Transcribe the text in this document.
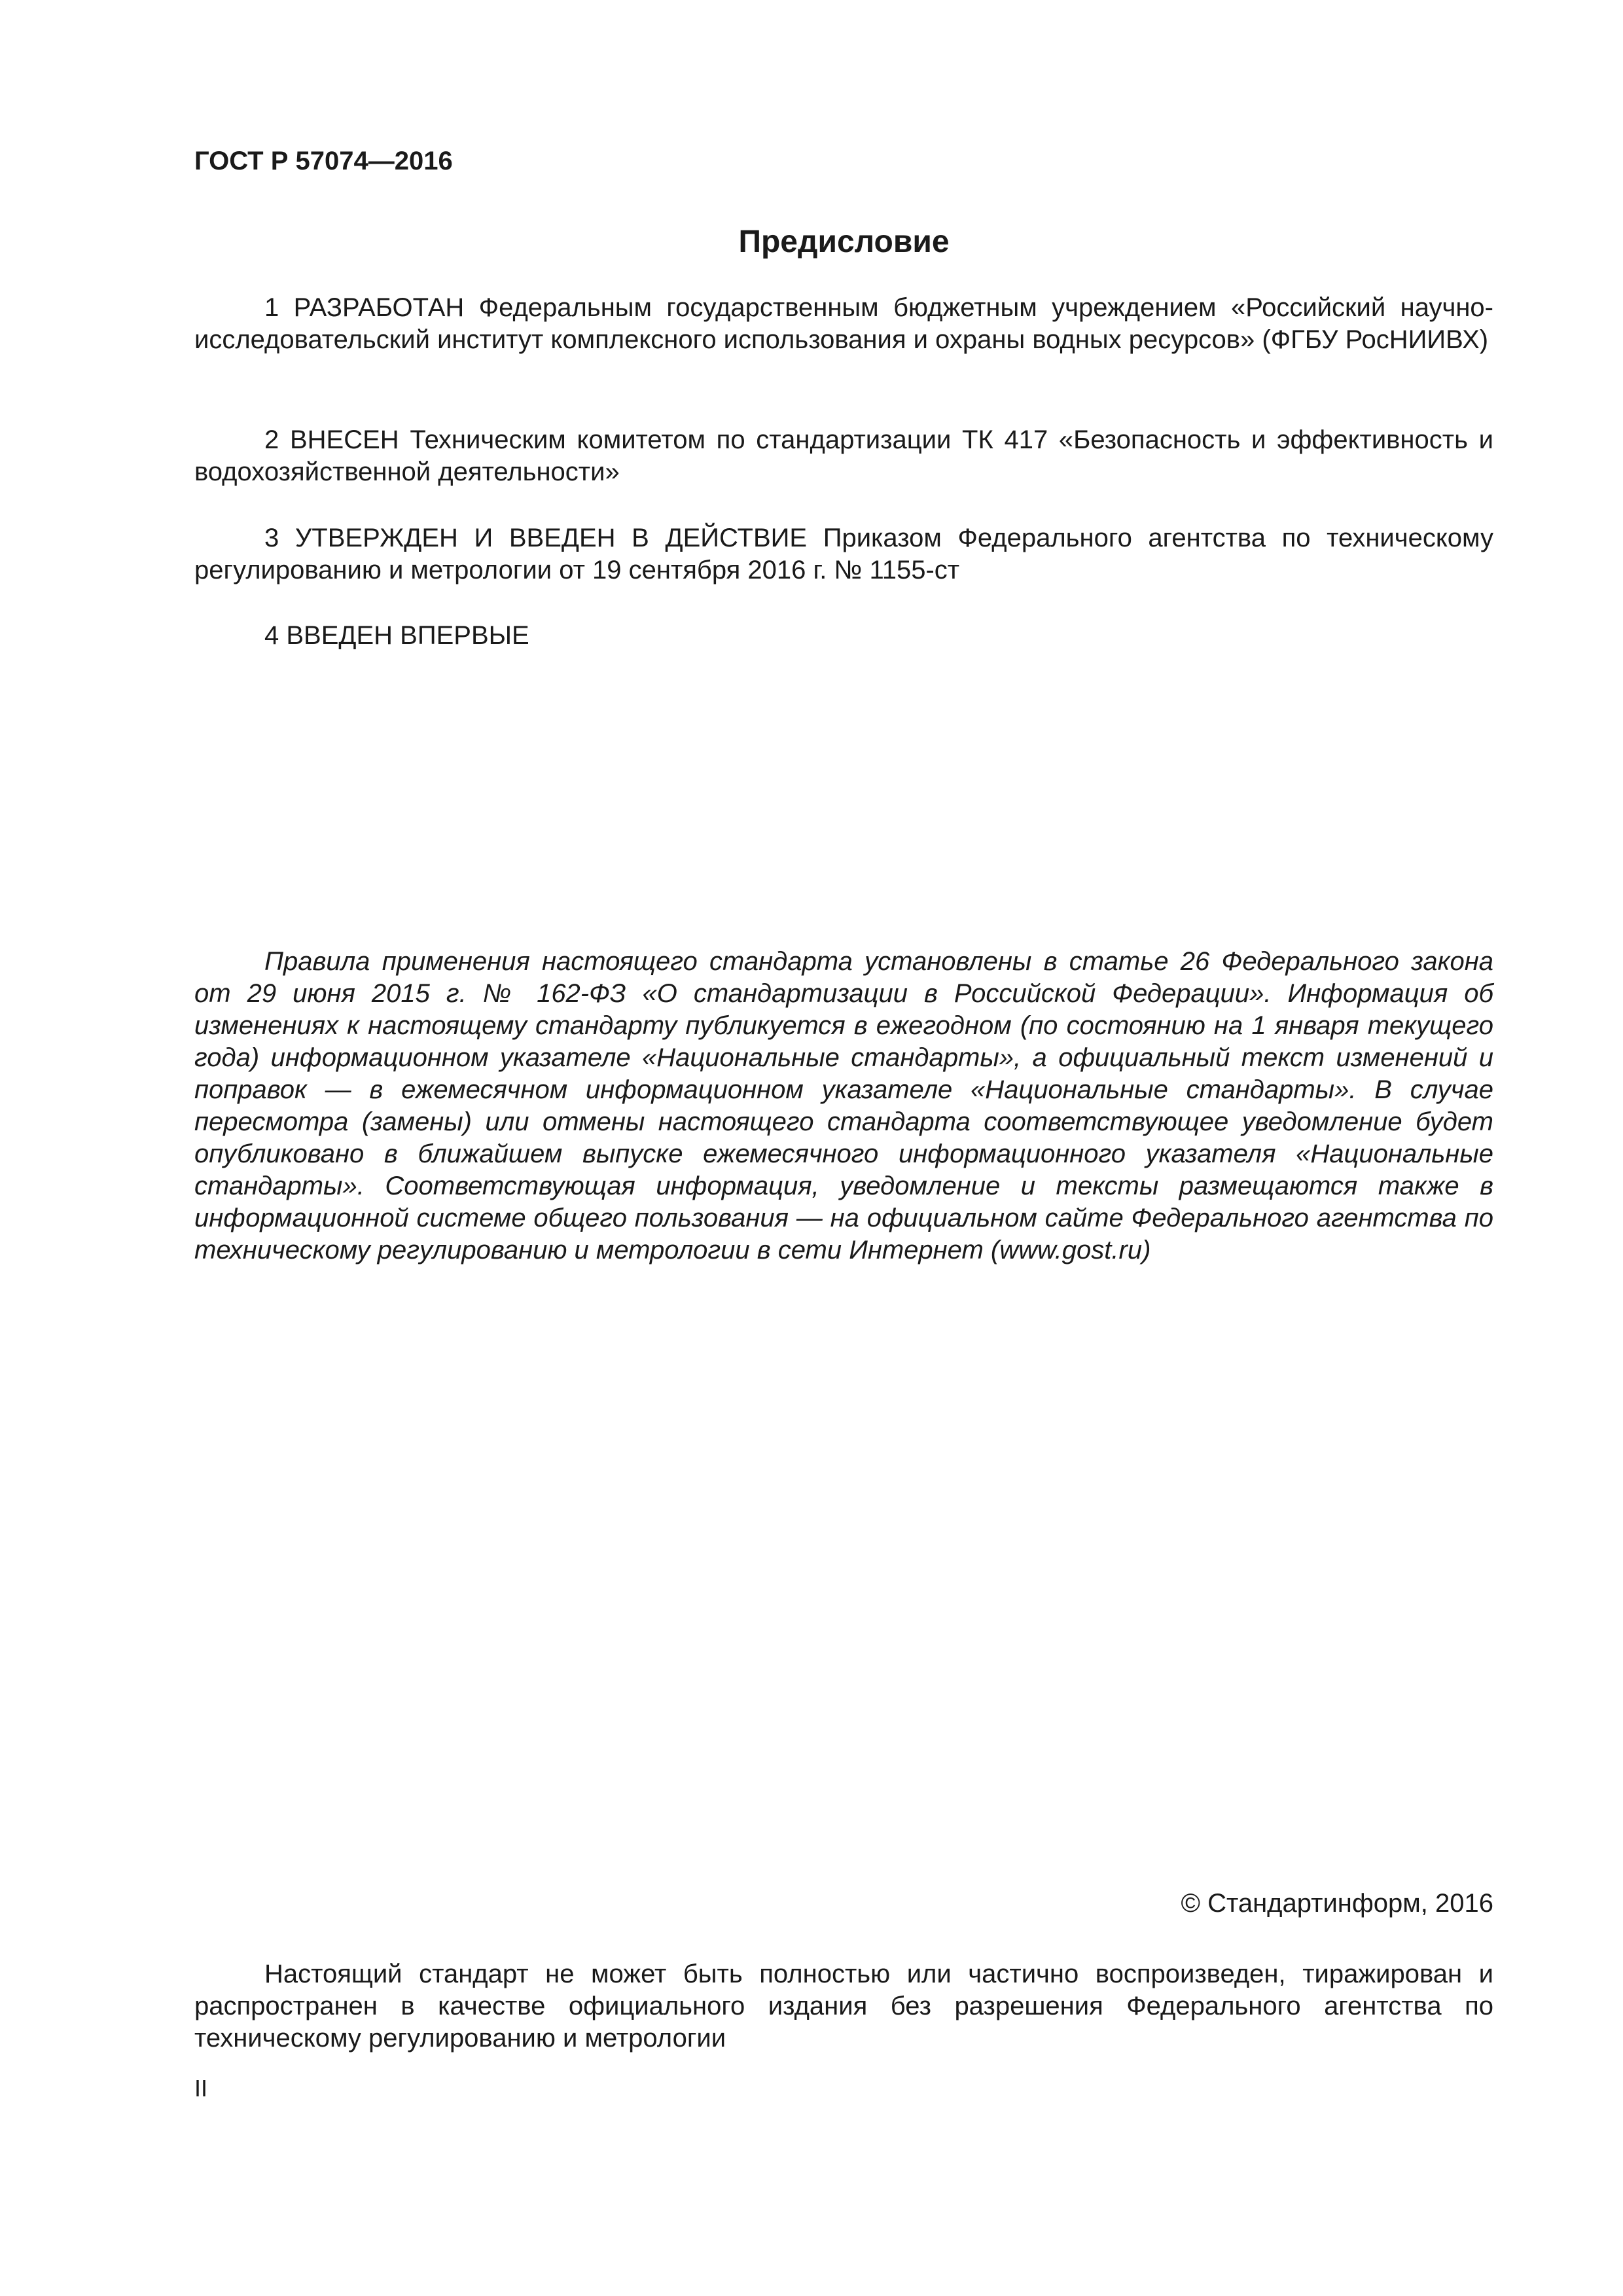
ГОСТ Р 57074—2016

Предисловие

1 РАЗРАБОТАН Федеральным государственным бюджетным учреждением «Российский научно-исследовательский институт комплексного использования и охраны водных ресурсов» (ФГБУ РосНИИВХ)

2 ВНЕСЕН Техническим комитетом по стандартизации ТК 417 «Безопасность и эффективность и водохозяйственной деятельности»

3 УТВЕРЖДЕН И ВВЕДЕН В ДЕЙСТВИЕ Приказом Федерального агентства по техническому регулированию и метрологии от 19 сентября 2016 г. № 1155-ст

4 ВВЕДЕН ВПЕРВЫЕ

Правила применения настоящего стандарта установлены в статье 26 Федерального закона от 29 июня 2015 г. № 162-ФЗ «О стандартизации в Российской Федерации». Информация об изменениях к настоящему стандарту публикуется в ежегодном (по состоянию на 1 января текущего года) информационном указателе «Национальные стандарты», а официальный текст изменений и поправок — в ежемесячном информационном указателе «Национальные стандарты». В случае пересмотра (замены) или отмены настоящего стандарта соответствующее уведомление будет опубликовано в ближайшем выпуске ежемесячного информационного указателя «Национальные стандарты». Соответствующая информация, уведомление и тексты размещаются также в информационной системе общего пользования — на официальном сайте Федерального агентства по техническому регулированию и метрологии в сети Интернет (www.gost.ru)

© Стандартинформ, 2016

Настоящий стандарт не может быть полностью или частично воспроизведен, тиражирован и распространен в качестве официального издания без разрешения Федерального агентства по техническому регулированию и метрологии

II
